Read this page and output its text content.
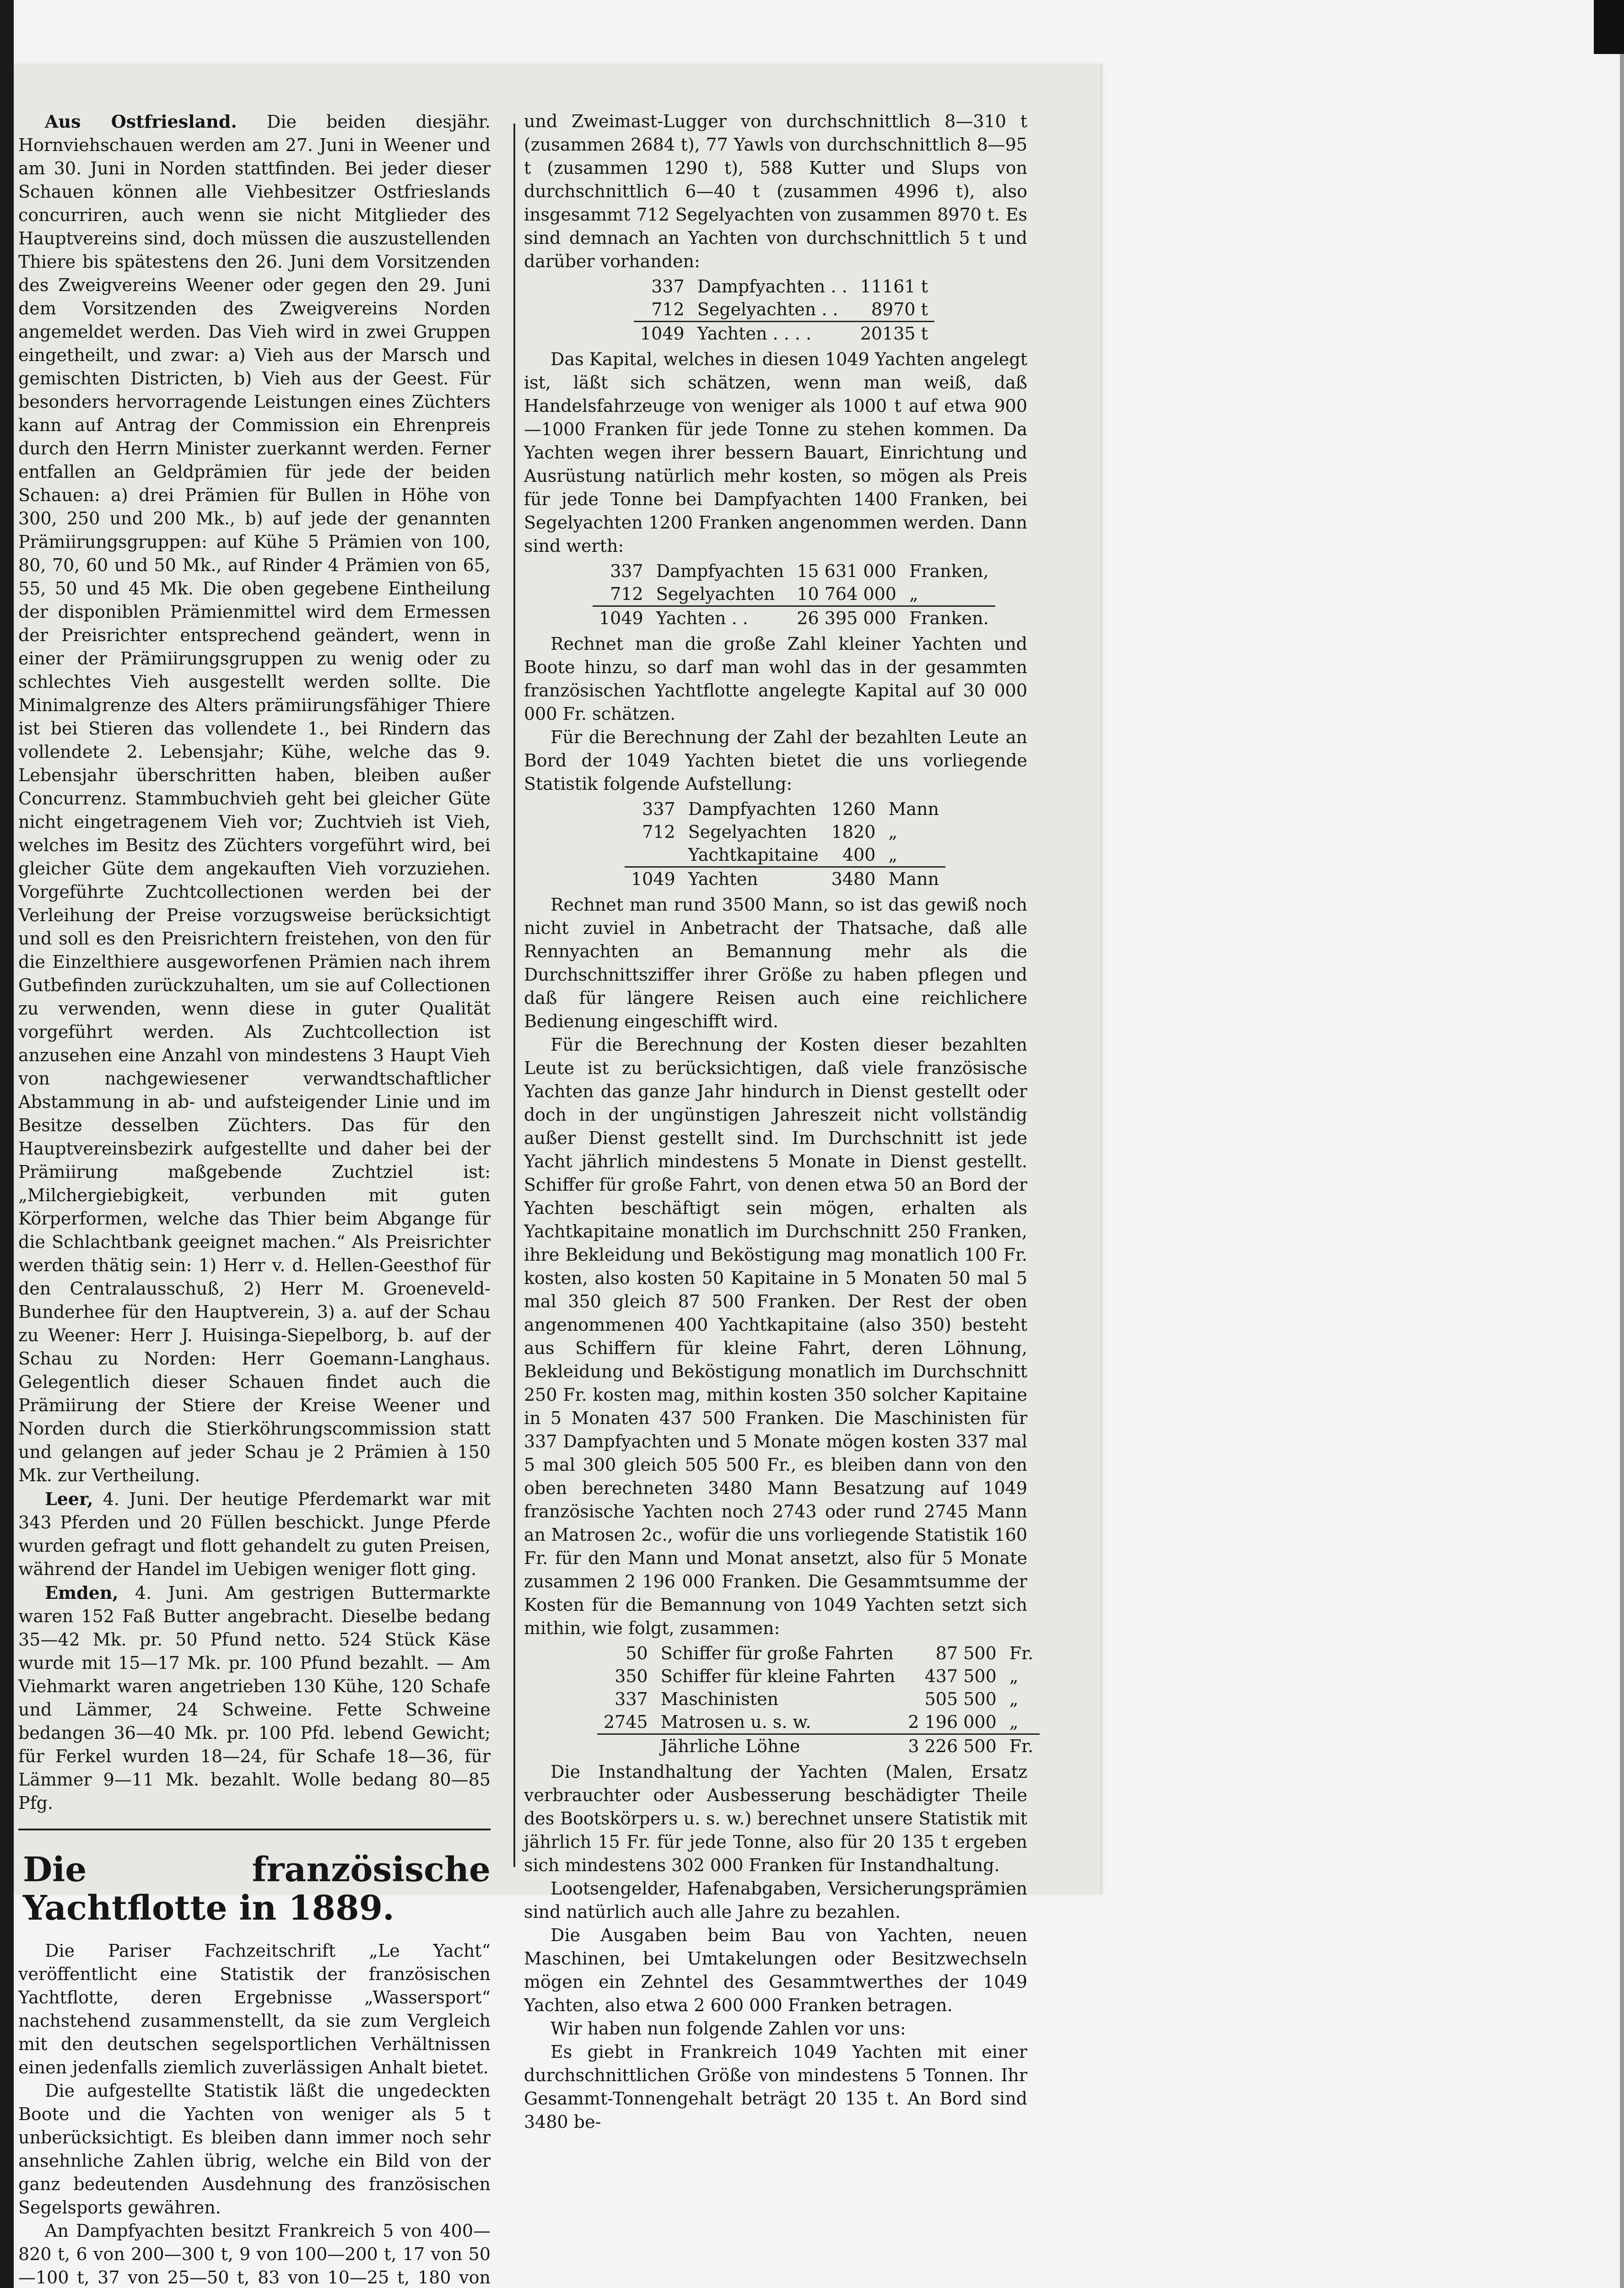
Aus Ostfriesland. Die beiden diesjähr. Hornviehschauen werden am 27. Juni in Weener und am 30. Juni in Norden stattfinden. Bei jeder dieser Schauen können alle Viehbesitzer Ostfrieslands concurriren, auch wenn sie nicht Mitglieder des Hauptvereins sind, doch müssen die auszustellenden Thiere bis spätestens den 26. Juni dem Vorsitzenden des Zweigvereins Weener oder gegen den 29. Juni dem Vorsitzenden des Zweigvereins Norden angemeldet werden. Das Vieh wird in zwei Gruppen eingetheilt, und zwar: a) Vieh aus der Marsch und gemischten Districten, b) Vieh aus der Geest. Für besonders hervorragende Leistungen eines Züchters kann auf Antrag der Commission ein Ehrenpreis durch den Herrn Minister zuerkannt werden. Ferner entfallen an Geldprämien für jede der beiden Schauen: a) drei Prämien für Bullen in Höhe von 300, 250 und 200 Mk., b) auf jede der genannten Prämiirungsgruppen: auf Kühe 5 Prämien von 100, 80, 70, 60 und 50 Mk., auf Rinder 4 Prämien von 65, 55, 50 und 45 Mk. Die oben gegebene Eintheilung der disponiblen Prämienmittel wird dem Ermessen der Preisrichter entsprechend geändert, wenn in einer der Prämiirungsgruppen zu wenig oder zu schlechtes Vieh ausgestellt werden sollte. Die Minimalgrenze des Alters prämiirungsfähiger Thiere ist bei Stieren das vollendete 1., bei Rindern das vollendete 2. Lebensjahr; Kühe, welche das 9. Lebensjahr überschritten haben, bleiben außer Concurrenz. Stammbuchvieh geht bei gleicher Güte nicht eingetragenem Vieh vor; Zuchtvieh ist Vieh, welches im Besitz des Züchters vorgeführt wird, bei gleicher Güte dem angekauften Vieh vorzuziehen. Vorgeführte Zuchtcollectionen werden bei der Verleihung der Preise vorzugsweise berücksichtigt und soll es den Preisrichtern freistehen, von den für die Einzelthiere ausgeworfenen Prämien nach ihrem Gutbefinden zurückzuhalten, um sie auf Collectionen zu verwenden, wenn diese in guter Qualität vorgeführt werden. Als Zuchtcollection ist anzusehen eine Anzahl von mindestens 3 Haupt Vieh von nachgewiesener verwandtschaftlicher Abstammung in ab- und aufsteigender Linie und im Besitze desselben Züchters. Das für den Hauptvereinsbezirk aufgestellte und daher bei der Prämiirung maßgebende Zuchtziel ist: „Milchergiebigkeit, verbunden mit guten Körperformen, welche das Thier beim Abgange für die Schlachtbank geeignet machen.“ Als Preisrichter werden thätig sein: 1) Herr v. d. Hellen-Geesthof für den Centralausschuß, 2) Herr M. Groeneveld-Bunderhee für den Hauptverein, 3) a. auf der Schau zu Weener: Herr J. Huisinga-Siepelborg, b. auf der Schau zu Norden: Herr Goemann-Langhaus. Gelegentlich dieser Schauen findet auch die Prämiirung der Stiere der Kreise Weener und Norden durch die Stierköhrungscommission statt und gelangen auf jeder Schau je 2 Prämien à 150 Mk. zur Vertheilung.

Leer, 4. Juni. Der heutige Pferdemarkt war mit 343 Pferden und 20 Füllen beschickt. Junge Pferde wurden gefragt und flott gehandelt zu guten Preisen, während der Handel im Uebigen weniger flott ging.

Emden, 4. Juni. Am gestrigen Buttermarkte waren 152 Faß Butter angebracht. Dieselbe bedang 35—42 Mk. pr. 50 Pfund netto. 524 Stück Käse wurde mit 15—17 Mk. pr. 100 Pfund bezahlt. — Am Viehmarkt waren angetrieben 130 Kühe, 120 Schafe und Lämmer, 24 Schweine. Fette Schweine bedangen 36—40 Mk. pr. 100 Pfd. lebend Gewicht; für Ferkel wurden 18—24, für Schafe 18—36, für Lämmer 9—11 Mk. bezahlt. Wolle bedang 80—85 Pfg.

Die französische Yachtflotte in 1889.

Die Pariser Fachzeitschrift „Le Yacht“ veröffentlicht eine Statistik der französischen Yachtflotte, deren Ergebnisse „Wassersport“ nachstehend zusammenstellt, da sie zum Vergleich mit den deutschen segelsportlichen Verhältnissen einen jedenfalls ziemlich zuverlässigen Anhalt bietet.

Die aufgestellte Statistik läßt die ungedeckten Boote und die Yachten von weniger als 5 t unberücksichtigt. Es bleiben dann immer noch sehr ansehnliche Zahlen übrig, welche ein Bild von der ganz bedeutenden Ausdehnung des französischen Segelsports gewähren.

An Dampfyachten besitzt Frankreich 5 von 400—820 t, 6 von 200—300 t, 9 von 100—200 t, 17 von 50—100 t, 37 von 25—50 t, 83 von 10—25 t, 180 von

und Zweimast-Lugger von durchschnittlich 8—310 t (zusammen 2684 t), 77 Yawls von durchschnittlich 8—95 t (zusammen 1290 t), 588 Kutter und Slups von durchschnittlich 6—40 t (zusammen 4996 t), also insgesammt 712 Segelyachten von zusammen 8970 t. Es sind demnach an Yachten von durchschnittlich 5 t und darüber vorhanden:

337	Dampfyachten . .	11161 t
712	Segelyachten . .	8970 t
1049	Yachten . . . .	20135 t

Das Kapital, welches in diesen 1049 Yachten angelegt ist, läßt sich schätzen, wenn man weiß, daß Handelsfahrzeuge von weniger als 1000 t auf etwa 900—1000 Franken für jede Tonne zu stehen kommen. Da Yachten wegen ihrer bessern Bauart, Einrichtung und Ausrüstung natürlich mehr kosten, so mögen als Preis für jede Tonne bei Dampfyachten 1400 Franken, bei Segelyachten 1200 Franken angenommen werden. Dann sind werth:

337	Dampfyachten	15 631 000	Franken,
712	Segelyachten	10 764 000	„
1049	Yachten . .	26 395 000	Franken.

Rechnet man die große Zahl kleiner Yachten und Boote hinzu, so darf man wohl das in der gesammten französischen Yachtflotte angelegte Kapital auf 30 000 000 Fr. schätzen.

Für die Berechnung der Zahl der bezahlten Leute an Bord der 1049 Yachten bietet die uns vorliegende Statistik folgende Aufstellung:

337	Dampfyachten	1260	Mann
712	Segelyachten	1820	„
	Yachtkapitaine	400	„
1049	Yachten	3480	Mann

Rechnet man rund 3500 Mann, so ist das gewiß noch nicht zuviel in Anbetracht der Thatsache, daß alle Rennyachten an Bemannung mehr als die Durchschnittsziffer ihrer Größe zu haben pflegen und daß für längere Reisen auch eine reichlichere Bedienung eingeschifft wird.

Für die Berechnung der Kosten dieser bezahlten Leute ist zu berücksichtigen, daß viele französische Yachten das ganze Jahr hindurch in Dienst gestellt oder doch in der ungünstigen Jahreszeit nicht vollständig außer Dienst gestellt sind. Im Durchschnitt ist jede Yacht jährlich mindestens 5 Monate in Dienst gestellt. Schiffer für große Fahrt, von denen etwa 50 an Bord der Yachten beschäftigt sein mögen, erhalten als Yachtkapitaine monatlich im Durchschnitt 250 Franken, ihre Bekleidung und Beköstigung mag monatlich 100 Fr. kosten, also kosten 50 Kapitaine in 5 Monaten 50 mal 5 mal 350 gleich 87 500 Franken. Der Rest der oben angenommenen 400 Yachtkapitaine (also 350) besteht aus Schiffern für kleine Fahrt, deren Löhnung, Bekleidung und Beköstigung monatlich im Durchschnitt 250 Fr. kosten mag, mithin kosten 350 solcher Kapitaine in 5 Monaten 437 500 Franken. Die Maschinisten für 337 Dampfyachten und 5 Monate mögen kosten 337 mal 5 mal 300 gleich 505 500 Fr., es bleiben dann von den oben berechneten 3480 Mann Besatzung auf 1049 französische Yachten noch 2743 oder rund 2745 Mann an Matrosen 2c., wofür die uns vorliegende Statistik 160 Fr. für den Mann und Monat ansetzt, also für 5 Monate zusammen 2 196 000 Franken. Die Gesammtsumme der Kosten für die Bemannung von 1049 Yachten setzt sich mithin, wie folgt, zusammen:

50	Schiffer für große Fahrten	87 500	Fr.
350	Schiffer für kleine Fahrten	437 500	„
337	Maschinisten	505 500	„
2745	Matrosen u. s. w.	2 196 000	„
	Jährliche Löhne	3 226 500	Fr.

Die Instandhaltung der Yachten (Malen, Ersatz verbrauchter oder Ausbesserung beschädigter Theile des Bootskörpers u. s. w.) berechnet unsere Statistik mit jährlich 15 Fr. für jede Tonne, also für 20 135 t ergeben sich mindestens 302 000 Franken für Instandhaltung.

Lootsengelder, Hafenabgaben, Versicherungsprämien sind natürlich auch alle Jahre zu bezahlen.

Die Ausgaben beim Bau von Yachten, neuen Maschinen, bei Umtakelungen oder Besitzwechseln mögen ein Zehntel des Gesammtwerthes der 1049 Yachten, also etwa 2 600 000 Franken betragen.

Wir haben nun folgende Zahlen vor uns:

Es giebt in Frankreich 1049 Yachten mit einer durchschnittlichen Größe von mindestens 5 Tonnen. Ihr Gesammt-Tonnengehalt beträgt 20 135 t. An Bord sind 3480 be-
